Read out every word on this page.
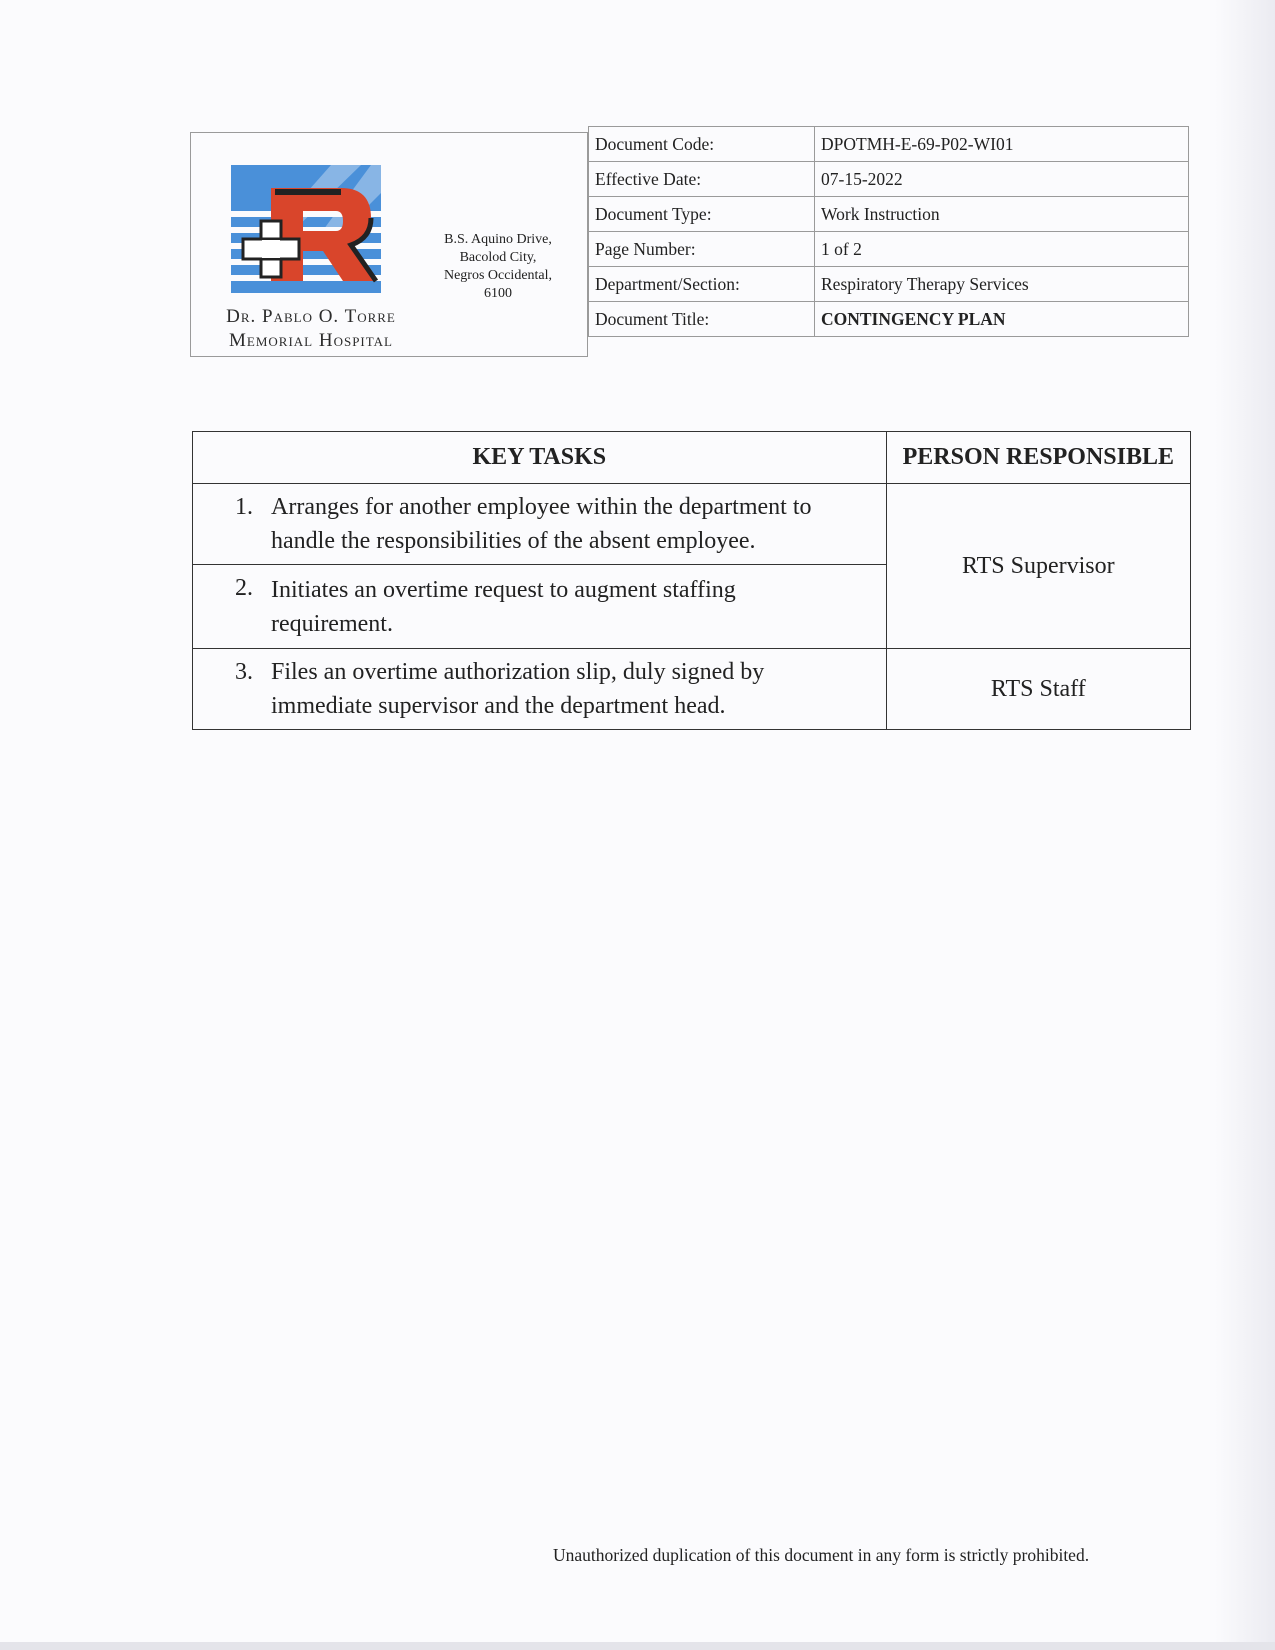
Dr. Pablo O. Torre
Memorial Hospital
B.S. Aquino Drive,
Bacolod City,
Negros Occidental,
6100
Document Code:	DPOTMH-E-69-P02-WI01
Effective Date:	07-15-2022
Document Type:	Work Instruction
Page Number:	1 of 2
Department/Section:	Respiratory Therapy Services
Document Title:	CONTINGENCY PLAN
KEY TASKS	PERSON RESPONSIBLE

1. Arranges for another employee within the department to
handle the responsibilities of the absent employee.	RTS Supervisor

2. Initiates an overtime request to augment staffing
requirement.	

3. Files an overtime authorization slip, duly signed by
immediate supervisor and the department head.	RTS Staff
Unauthorized duplication of this document in any form is strictly prohibited.
